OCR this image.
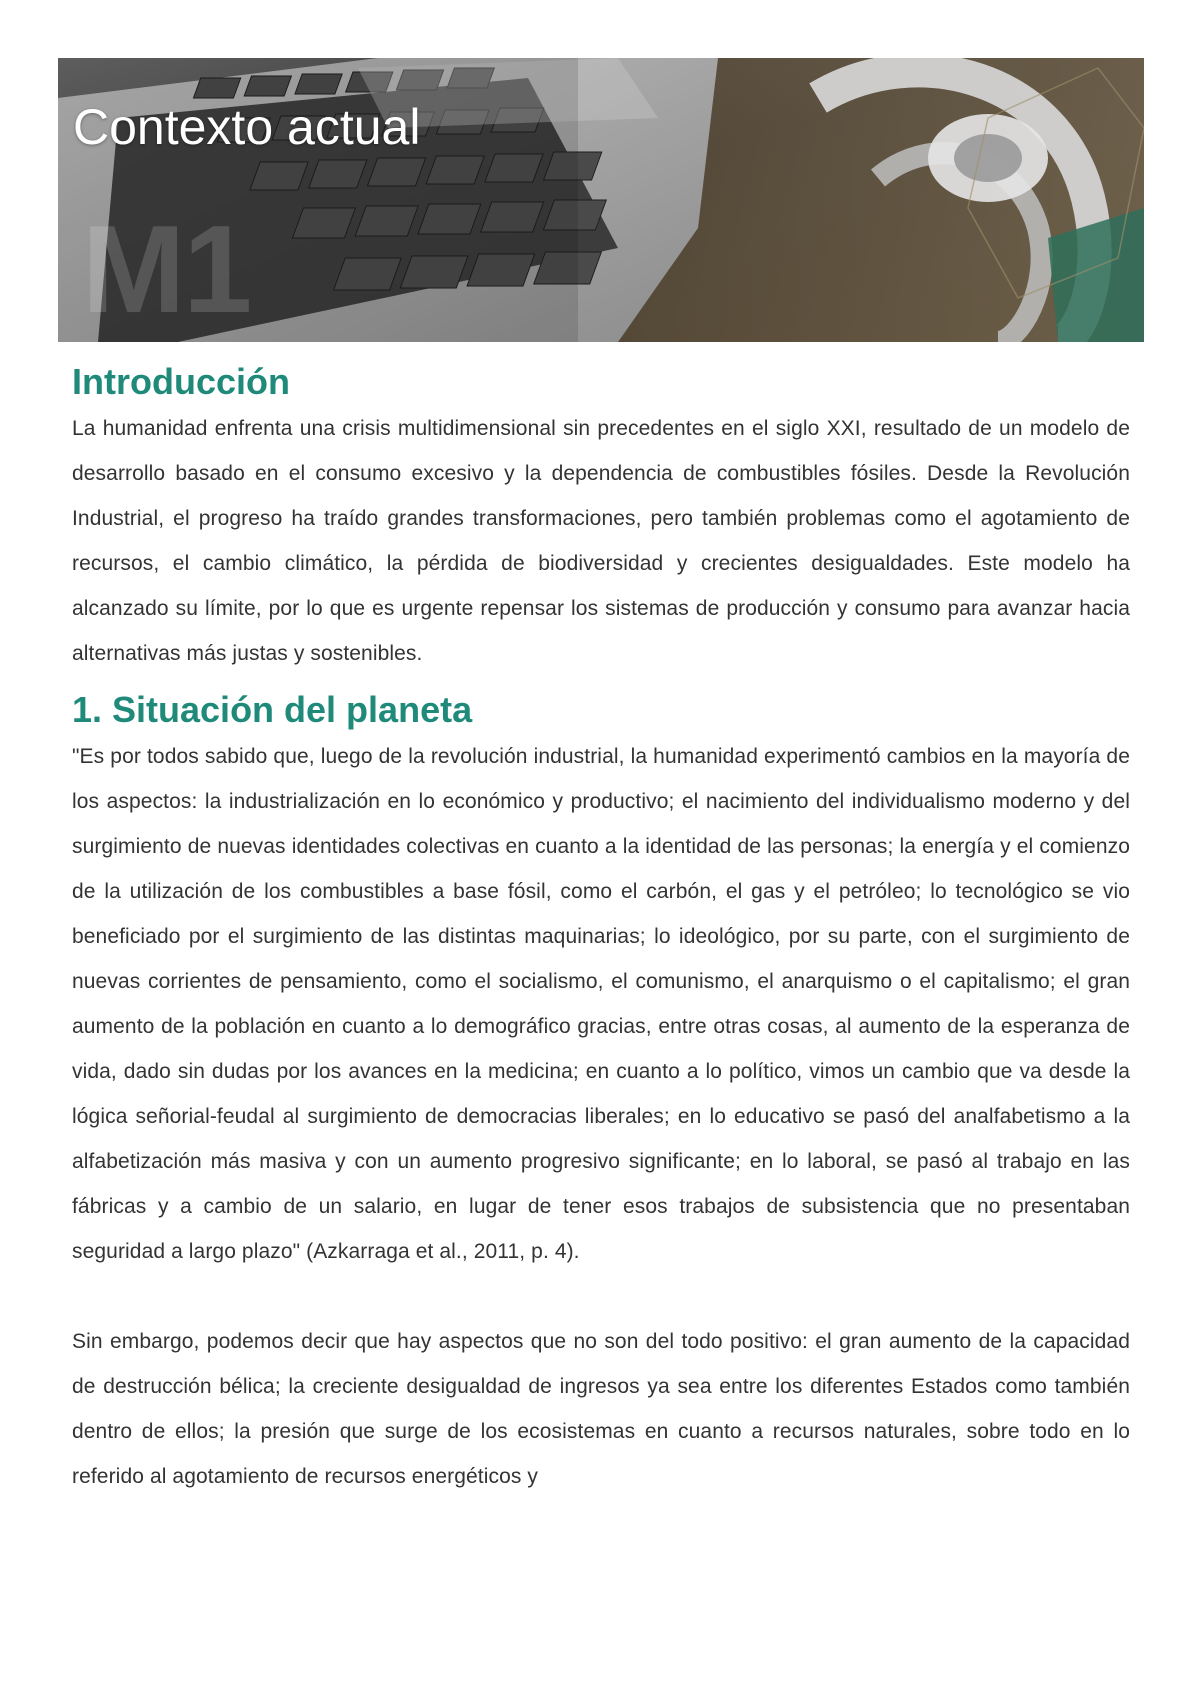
M1
Contexto actual
Introducción

La humanidad enfrenta una crisis multidimensional sin precedentes en el siglo XXI, resultado de un modelo de desarrollo basado en el consumo excesivo y la dependencia de combustibles fósiles. Desde la Revolución Industrial, el progreso ha traído grandes transformaciones, pero también problemas como el agotamiento de recursos, el cambio climático, la pérdida de biodiversidad y crecientes desigualdades. Este modelo ha alcanzado su límite, por lo que es urgente repensar los sistemas de producción y consumo para avanzar hacia alternativas más justas y sostenibles.

1. Situación del planeta

"Es por todos sabido que, luego de la revolución industrial, la humanidad experimentó cambios en la mayoría de los aspectos: la industrialización en lo económico y productivo; el nacimiento del individualismo moderno y del surgimiento de nuevas identidades colectivas en cuanto a la identidad de las personas; la energía y el comienzo de la utilización de los combustibles a base fósil, como el carbón, el gas y el petróleo; lo tecnológico se vio beneficiado por el surgimiento de las distintas maquinarias; lo ideológico, por su parte, con el surgimiento de nuevas corrientes de pensamiento, como el socialismo, el comunismo, el anarquismo o el capitalismo; el gran aumento de la población en cuanto a lo demográfico gracias, entre otras cosas, al aumento de la esperanza de vida, dado sin dudas por los avances en la medicina; en cuanto a lo político, vimos un cambio que va desde la lógica señorial-feudal al surgimiento de democracias liberales; en lo educativo se pasó del analfabetismo a la alfabetización más masiva y con un aumento progresivo significante; en lo laboral, se pasó al trabajo en las fábricas y a cambio de un salario, en lugar de tener esos trabajos de subsistencia que no presentaban seguridad a largo plazo" (Azkarraga et al., 2011, p. 4).

Sin embargo, podemos decir que hay aspectos que no son del todo positivo: el gran aumento de la capacidad de destrucción bélica; la creciente desigualdad de ingresos ya sea entre los diferentes Estados como también dentro de ellos; la presión que surge de los ecosistemas en cuanto a recursos naturales, sobre todo en lo referido al agotamiento de recursos energéticos y
